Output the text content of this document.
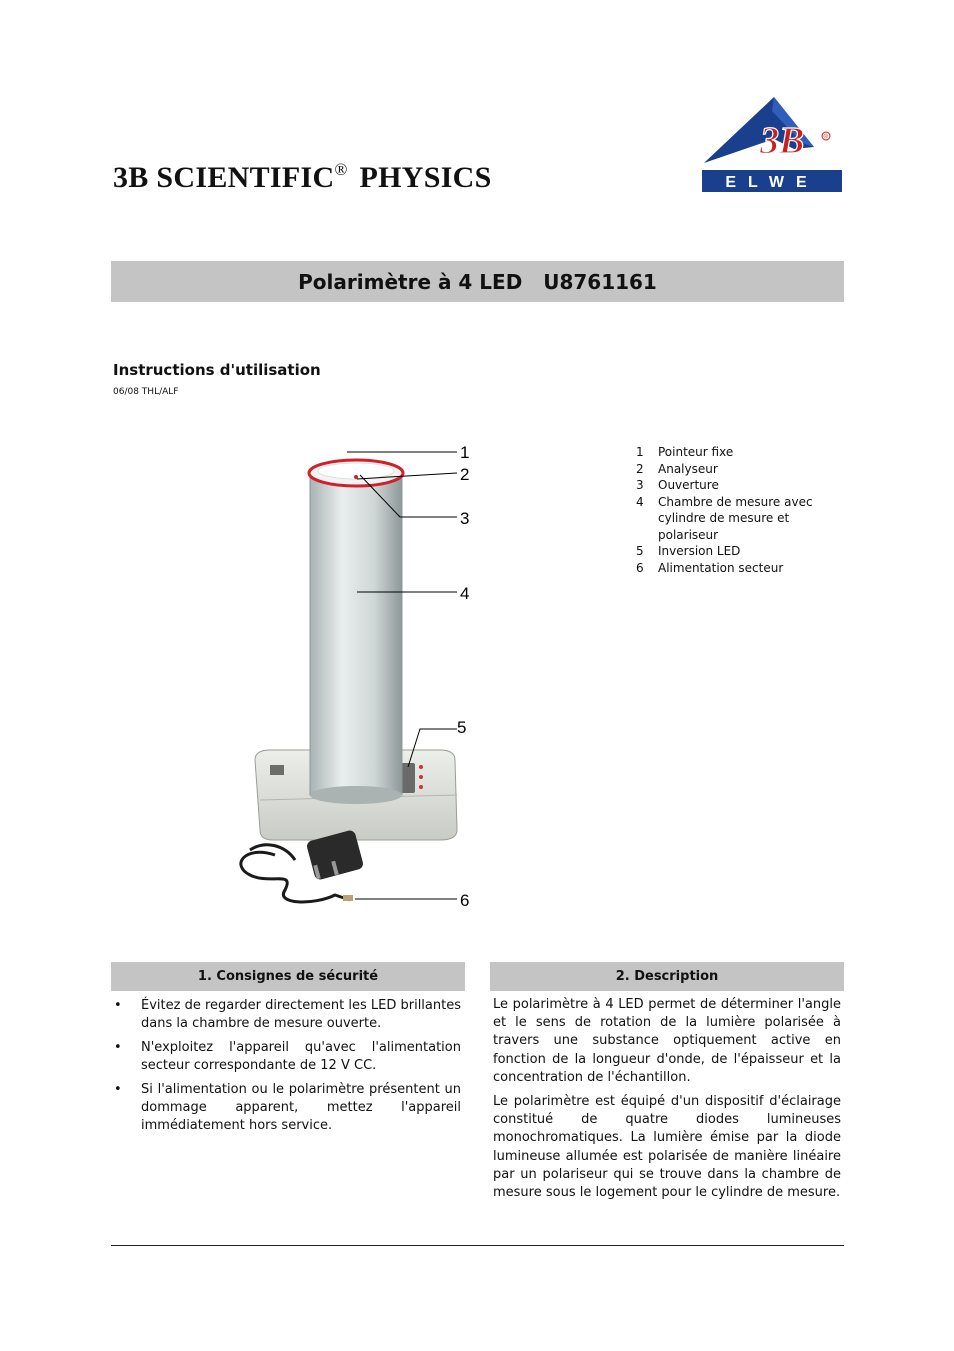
3B SCIENTIFIC® PHYSICS
3B	®
ELWE
Polarimètre à 4 LED   U8761161
Instructions d'utilisation
06/08 THL/ALF
1
2
3
4
5
6
1	Pointeur fixe
2	Analyseur
3	Ouverture
4	Chambre de mesure avec cylindre de mesure et polariseur
5	Inversion LED
6	Alimentation secteur
1. Consignes de sécurité
• Évitez de regarder directement les LED brillantes dans la chambre de mesure ouverte.
• N'exploitez l'appareil qu'avec l'alimentation secteur correspondante de 12 V CC.
• Si l'alimentation ou le polarimètre présentent un dommage apparent, mettez l'appareil immédiatement hors service.
2. Description

Le polarimètre à 4 LED permet de déterminer l'angle et le sens de rotation de la lumière polarisée à travers une substance optiquement active en fonction de la longueur d'onde, de l'épaisseur et la concentration de l'échantillon.

Le polarimètre est équipé d'un dispositif d'éclairage constitué de quatre diodes lumineuses monochromatiques. La lumière émise par la diode lumineuse allumée est polarisée de manière linéaire par un polariseur qui se trouve dans la chambre de mesure sous le logement pour le cylindre de mesure.
